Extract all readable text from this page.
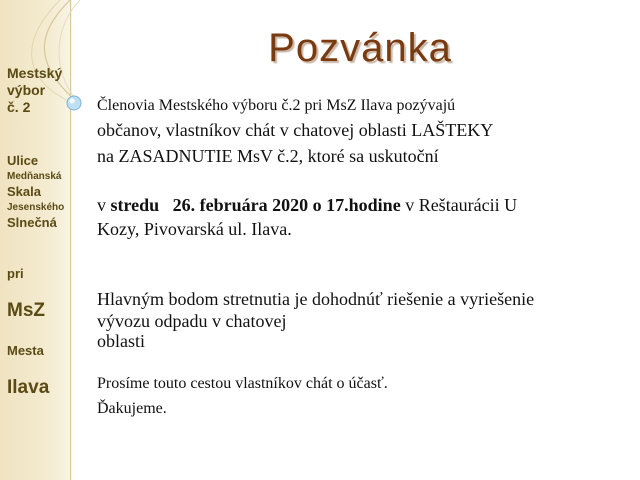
Mestský
výbor
č. 2
Ulice
Medňanská
Skala
Jesenského
Slnečná
pri
MsZ
Mesta
Ilava
Pozvánka
Členovia Mestského výboru č.2 pri MsZ Ilava pozývajú
občanov, vlastníkov chát v chatovej oblasti LAŠTEKY
na ZASADNUTIE MsV č.2, ktoré sa uskutoční
v stredu   26. februára 2020 o 17.hodine v Reštaurácii U
Kozy, Pivovarská ul. Ilava.
Hlavným bodom stretnutia je dohodnúť riešenie a vyriešenie
vývozu odpadu v chatovej
oblasti
Prosíme touto cestou vlastníkov chát o účasť.
Ďakujeme.
